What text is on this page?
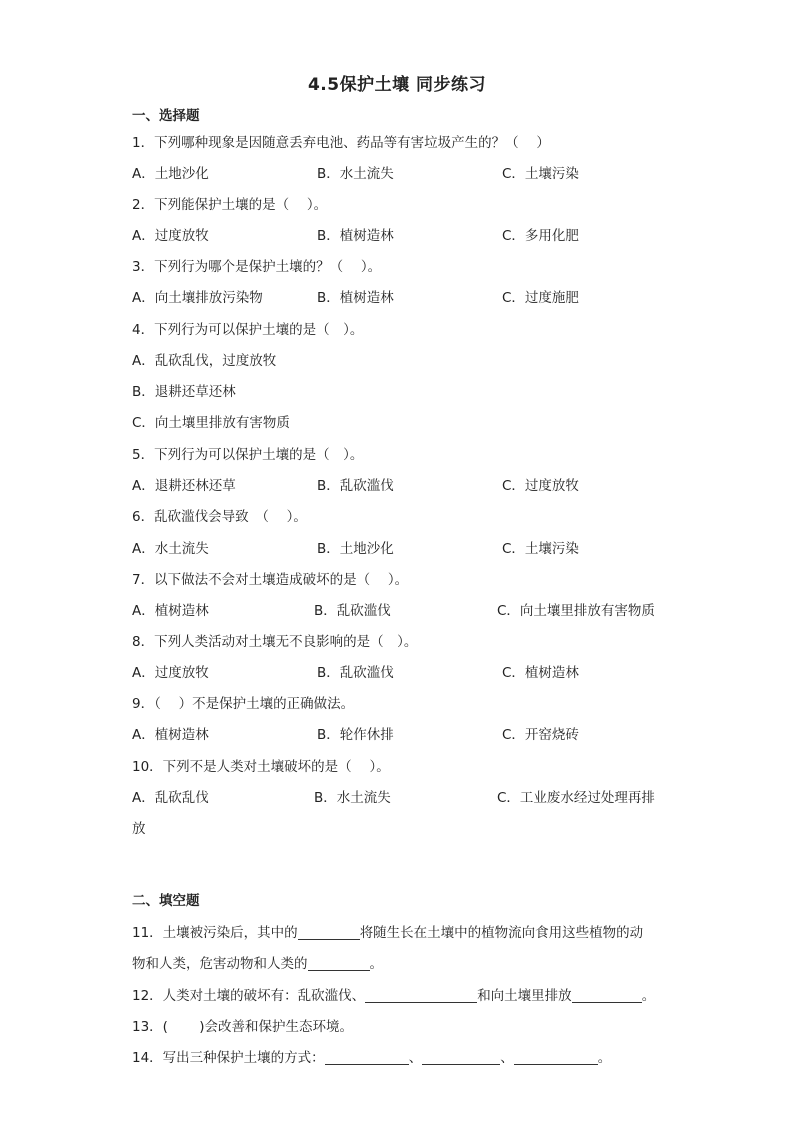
4.5保护土壤 同步练习
一、选择题
1．下列哪种现象是因随意丢弃电池、药品等有害垃圾产生的？（　 ）
A．土地沙化	B．水土流失	C．土壤污染
2．下列能保护土壤的是（　 ）。
A．过度放牧	B．植树造林	C．多用化肥
3．下列行为哪个是保护土壤的？（　 ）。
A．向土壤排放污染物	B．植树造林	C．过度施肥
4．下列行为可以保护土壤的是（　）。
A．乱砍乱伐，过度放牧
B．退耕还草还林
C．向土壤里排放有害物质
5．下列行为可以保护土壤的是（　）。
A．退耕还林还草	B．乱砍滥伐	C．过度放牧
6．乱砍滥伐会导致　（　 ）。
A．水土流失	B．土地沙化	C．土壤污染
7．以下做法不会对土壤造成破坏的是（　 ）。
A．植树造林	B．乱砍滥伐	C．向土壤里排放有害物质
8．下列人类活动对土壤无不良影响的是（　）。
A．过度放牧	B．乱砍滥伐	C．植树造林
9．（　 ）不是保护土壤的正确做法。
A．植树造林	B．轮作休排	C．开窑烧砖
10．下列不是人类对土壤破坏的是（　 ）。
A．乱砍乱伐	B．水土流失	C．工业废水经过处理再排
放
二、填空题
11．土壤被污染后，其中的	将随生长在土壤中的植物流向食用这些植物的动
物和人类，危害动物和人类的	。
12．人类对土壤的破坏有：乱砍滥伐、	和向土壤里排放	。
13．(　　 )会改善和保护生态环境。
14．写出三种保护土壤的方式：	、	、	。
